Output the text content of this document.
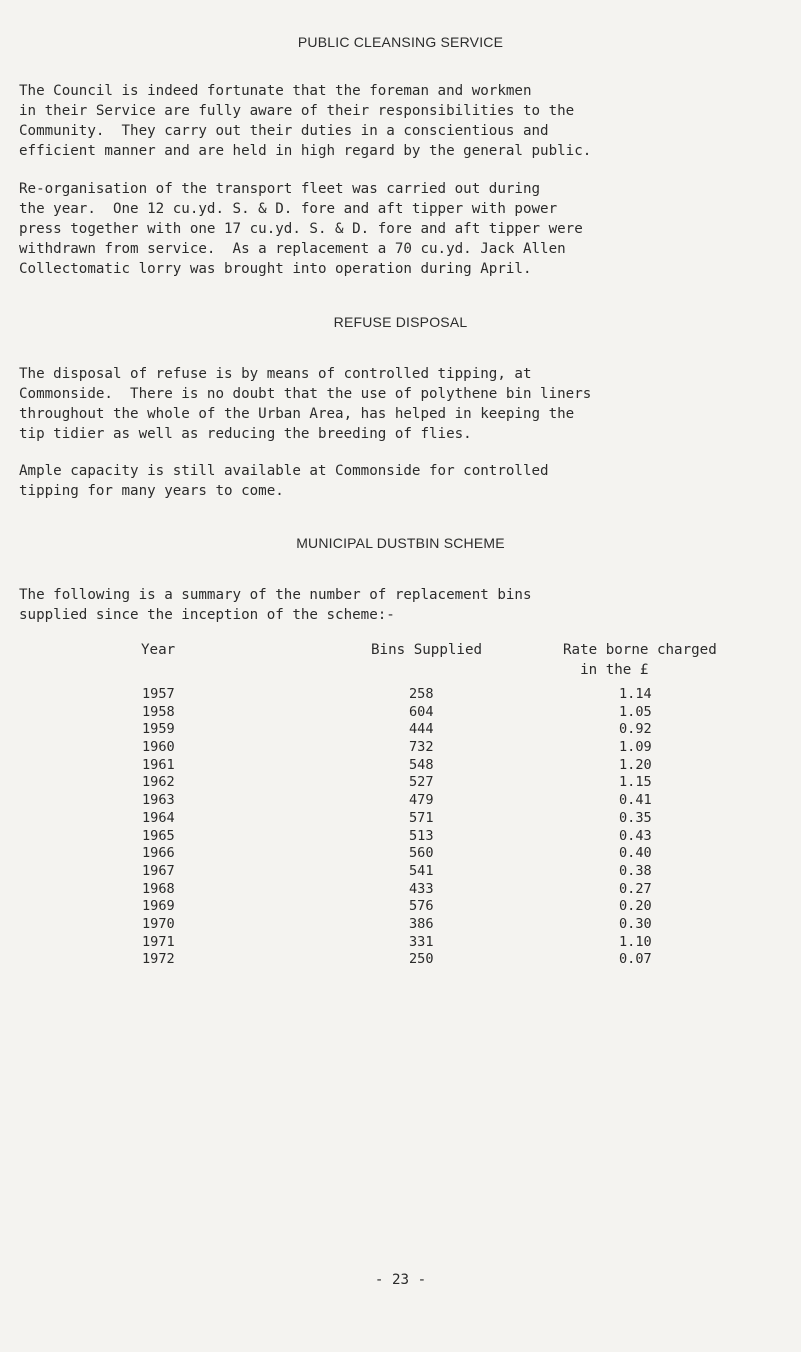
PUBLIC CLEANSING SERVICE

The Council is indeed fortunate that the foreman and workmen
in their Service are fully aware of their responsibilities to the
Community.  They carry out their duties in a conscientious and
efficient manner and are held in high regard by the general public.

Re-organisation of the transport fleet was carried out during
the year.  One 12 cu.yd. S. & D. fore and aft tipper with power
press together with one 17 cu.yd. S. & D. fore and aft tipper were
withdrawn from service.  As a replacement a 70 cu.yd. Jack Allen
Collectomatic lorry was brought into operation during April.

REFUSE DISPOSAL

The disposal of refuse is by means of controlled tipping, at
Commonside.  There is no doubt that the use of polythene bin liners
throughout the whole of the Urban Area, has helped in keeping the
tip tidier as well as reducing the breeding of flies.

Ample capacity is still available at Commonside for controlled
tipping for many years to come.

MUNICIPAL DUSTBIN SCHEME

The following is a summary of the number of replacement bins
supplied since the inception of the scheme:-

Year	Bins Supplied	Rate borne charged
in the £
1957	258	1.14
1958	604	1.05
1959	444	0.92
1960	732	1.09
1961	548	1.20
1962	527	1.15
1963	479	0.41
1964	571	0.35
1965	513	0.43
1966	560	0.40
1967	541	0.38
1968	433	0.27
1969	576	0.20
1970	386	0.30
1971	331	1.10
1972	250	0.07
- 23 -
